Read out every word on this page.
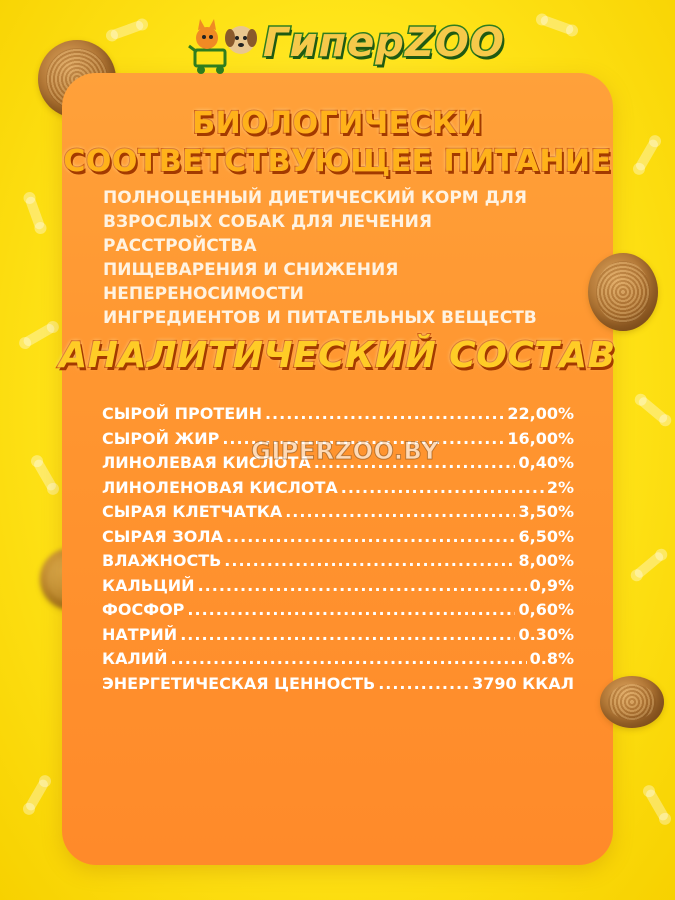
ГиперZOO
БИОЛОГИЧЕСКИ
СООТВЕТСТВУЮЩЕЕ ПИТАНИЕ
ПОЛНОЦЕННЫЙ ДИЕТИЧЕСКИЙ КОРМ ДЛЯ
ВЗРОСЛЫХ СОБАК ДЛЯ ЛЕЧЕНИЯ РАССТРОЙСТВА
ПИЩЕВАРЕНИЯ И СНИЖЕНИЯ НЕПЕРЕНОСИМОСТИ
ИНГРЕДИЕНТОВ И ПИТАТЕЛЬНЫХ ВЕЩЕСТВ
АНАЛИТИЧЕСКИЙ СОСТАВ
СЫРОЙ ПРОТЕИН .....	22,00%
СЫРОЙ ЖИР .....	16,00%
ЛИНОЛЕВАЯ КИСЛОТА .....	0,40%
ЛИНОЛЕНОВАЯ КИСЛОТА .....	2%
СЫРАЯ КЛЕТЧАТКА .....	3,50%
СЫРАЯ ЗОЛА .....	6,50%
ВЛАЖНОСТЬ .....	8,00%
КАЛЬЦИЙ .....	0,9%
ФОСФОР .....	0,60%
НАТРИЙ .....	0.30%
КАЛИЙ .....	0.8%
ЭНЕРГЕТИЧЕСКАЯ ЦЕННОСТЬ .....	3790 ККАЛ
GIPERZOO.BY
